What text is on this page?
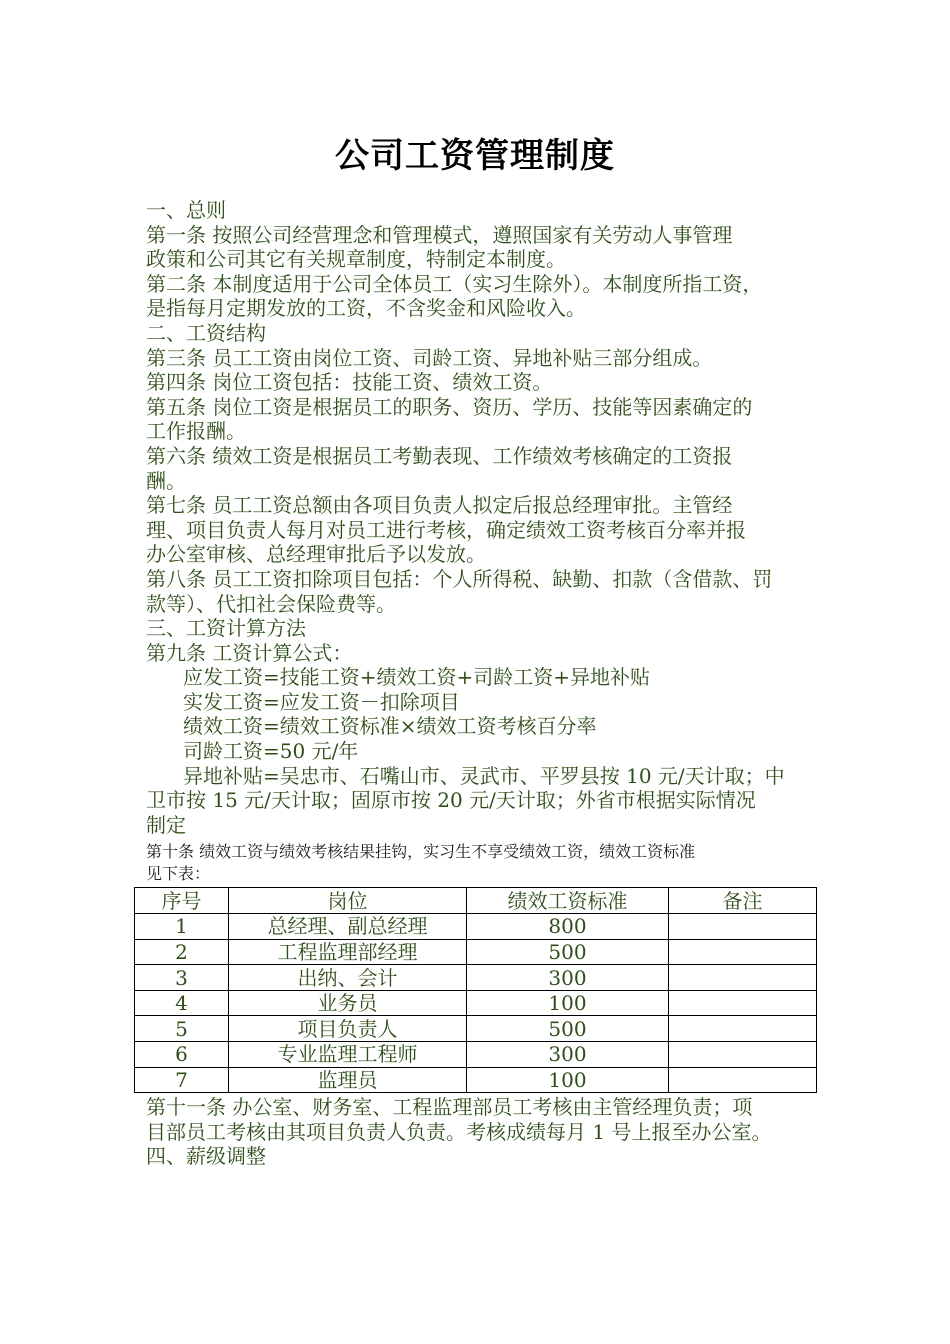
公司工资管理制度
一、总则
第一条 按照公司经营理念和管理模式，遵照国家有关劳动人事管理
政策和公司其它有关规章制度，特制定本制度。
第二条 本制度适用于公司全体员工（实习生除外）。本制度所指工资，
是指每月定期发放的工资，不含奖金和风险收入。
二、工资结构
第三条 员工工资由岗位工资、司龄工资、异地补贴三部分组成。
第四条 岗位工资包括：技能工资、绩效工资。
第五条 岗位工资是根据员工的职务、资历、学历、技能等因素确定的
工作报酬。
第六条 绩效工资是根据员工考勤表现、工作绩效考核确定的工资报
酬。
第七条 员工工资总额由各项目负责人拟定后报总经理审批。主管经
理、项目负责人每月对员工进行考核，确定绩效工资考核百分率并报
办公室审核、总经理审批后予以发放。
第八条 员工工资扣除项目包括：个人所得税、缺勤、扣款（含借款、罚
款等）、代扣社会保险费等。
三、工资计算方法
第九条 工资计算公式：
应发工资=技能工资+绩效工资+司龄工资+异地补贴
实发工资=应发工资－扣除项目
绩效工资=绩效工资标准×绩效工资考核百分率
司龄工资=50 元/年
异地补贴=吴忠市、石嘴山市、灵武市、平罗县按 10 元/天计取；中
卫市按 15 元/天计取；固原市按 20 元/天计取；外省市根据实际情况
制定
第十条 绩效工资与绩效考核结果挂钩，实习生不享受绩效工资，绩效工资标准
见下表：
序号	岗位	绩效工资标准	备注
1	总经理、副总经理	800	
2	工程监理部经理	500	
3	出纳、会计	300	
4	业务员	100	
5	项目负责人	500	
6	专业监理工程师	300	
7	监理员	100	
第十一条 办公室、财务室、工程监理部员工考核由主管经理负责；项
目部员工考核由其项目负责人负责。考核成绩每月 1 号上报至办公室。
四、薪级调整
